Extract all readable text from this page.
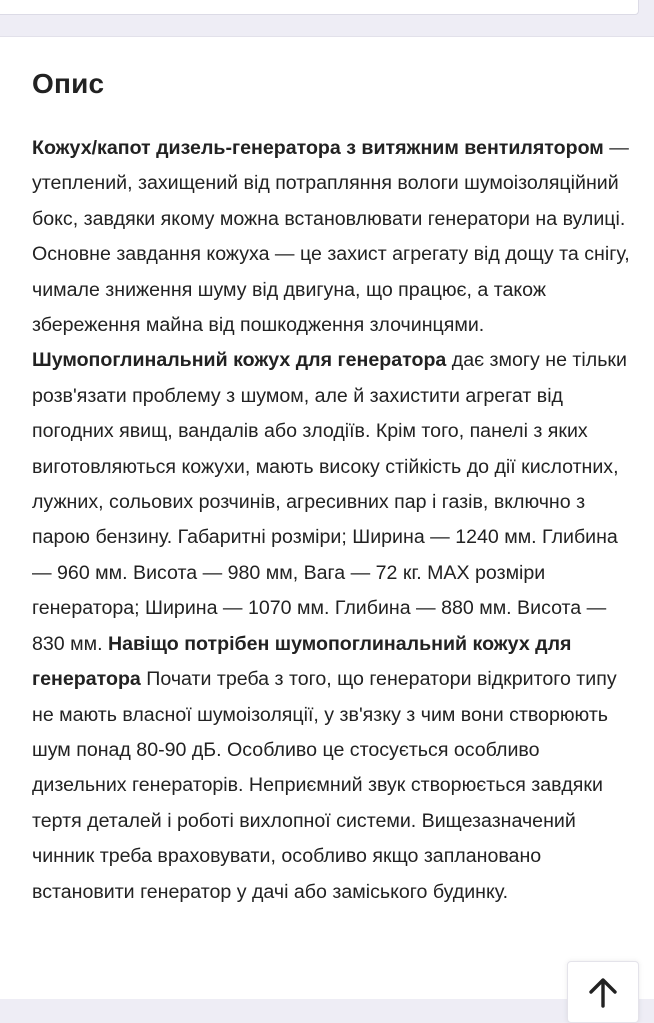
Опис

Кожух/капот дизель-генератора з витяжним вентилятором — утеплений, захищений від потрапляння вологи шумоізоляційний бокс, завдяки якому можна встановлювати генератори на вулиці. Основне завдання кожуха — це захист агрегату від дощу та снігу, чимале зниження шуму від двигуна, що працює, а також збереження майна від пошкодження злочинцями. Шумопоглинальний кожух для генератора дає змогу не тільки розв'язати проблему з шумом, але й захистити агрегат від погодних явищ, вандалів або злодіїв. Крім того, панелі з яких виготовляються кожухи, мають високу стійкість до дії кислотних, лужних, сольових розчинів, агресивних пар і газів, включно з парою бензину. Габаритні розміри; Ширина — 1240 мм. Глибина — 960 мм. Висота — 980 мм, Вага — 72 кг. MAX розміри генератора; Ширина — 1070 мм. Глибина — 880 мм. Висота — 830 мм. Навіщо потрібен шумопоглинальний кожух для генератора Почати треба з того, що генератори відкритого типу не мають власної шумоізоляції, у зв'язку з чим вони створюють шум понад 80-90 дБ. Особливо це стосується особливо дизельних генераторів. Неприємний звук створюється завдяки тертя деталей і роботі вихлопної системи. Вищезазначений чинник треба враховувати, особливо якщо заплановано встановити генератор у дачі або заміського будинку.
